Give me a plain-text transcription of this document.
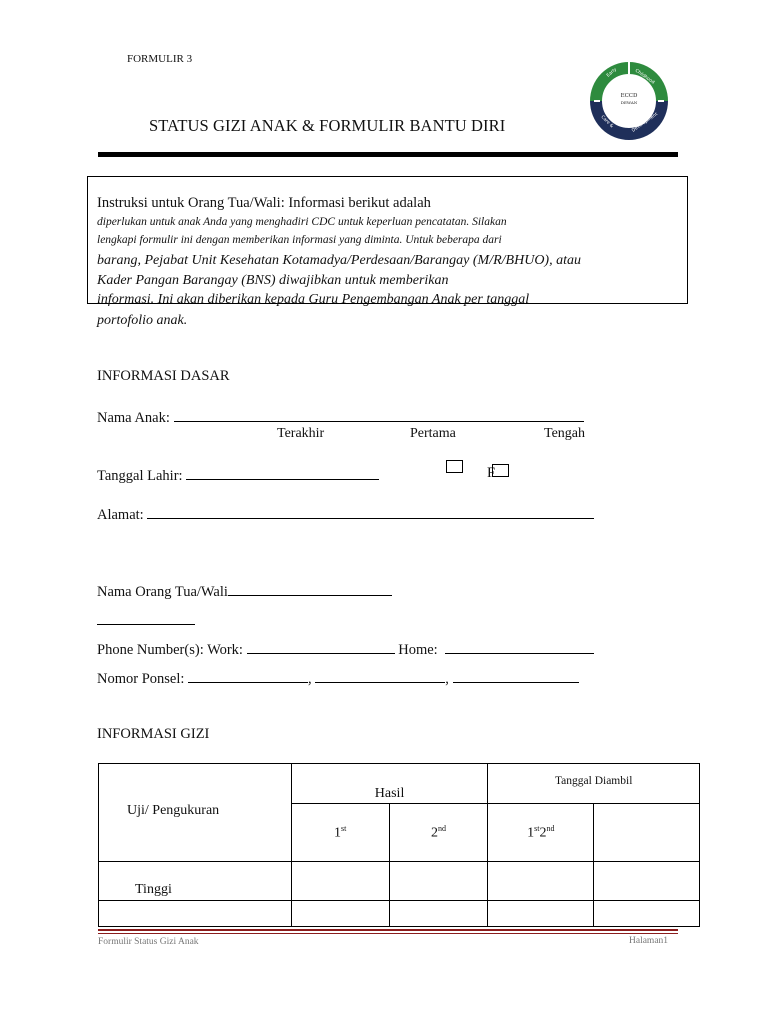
FORMULIR 3
STATUS GIZI ANAK & FORMULIR BANTU DIRI
ECCD
DEWAN
Early	Childhood
Care &	Development
Instruksi untuk Orang Tua/Wali: Informasi berikut adalah
diperlukan untuk anak Anda yang menghadiri CDC untuk keperluan pencatatan. Silakan
lengkapi formulir ini dengan memberikan informasi yang diminta. Untuk beberapa dari
barang, Pejabat Unit Kesehatan Kotamadya/Perdesaan/Barangay (M/R/BHUO), atau
Kader Pangan Barangay (BNS) diwajibkan untuk memberikan
informasi. Ini akan diberikan kepada Guru Pengembangan Anak per tanggal
portofolio anak.
INFORMASI DASAR
Nama Anak:
Terakhir	Pertama	Tengah
Tanggal Lahir:	F
Alamat:
Nama Orang Tua/Wali
Phone Number(s): Work:	Home:
Nomor Ponsel:	,	,
INFORMASI GIZI
Uji/ Pengukuran	Hasil		Tanggal Diambil	
	1st	2nd	1st2nd	
Tinggi				

Formulir Status Gizi Anak	Halaman1
